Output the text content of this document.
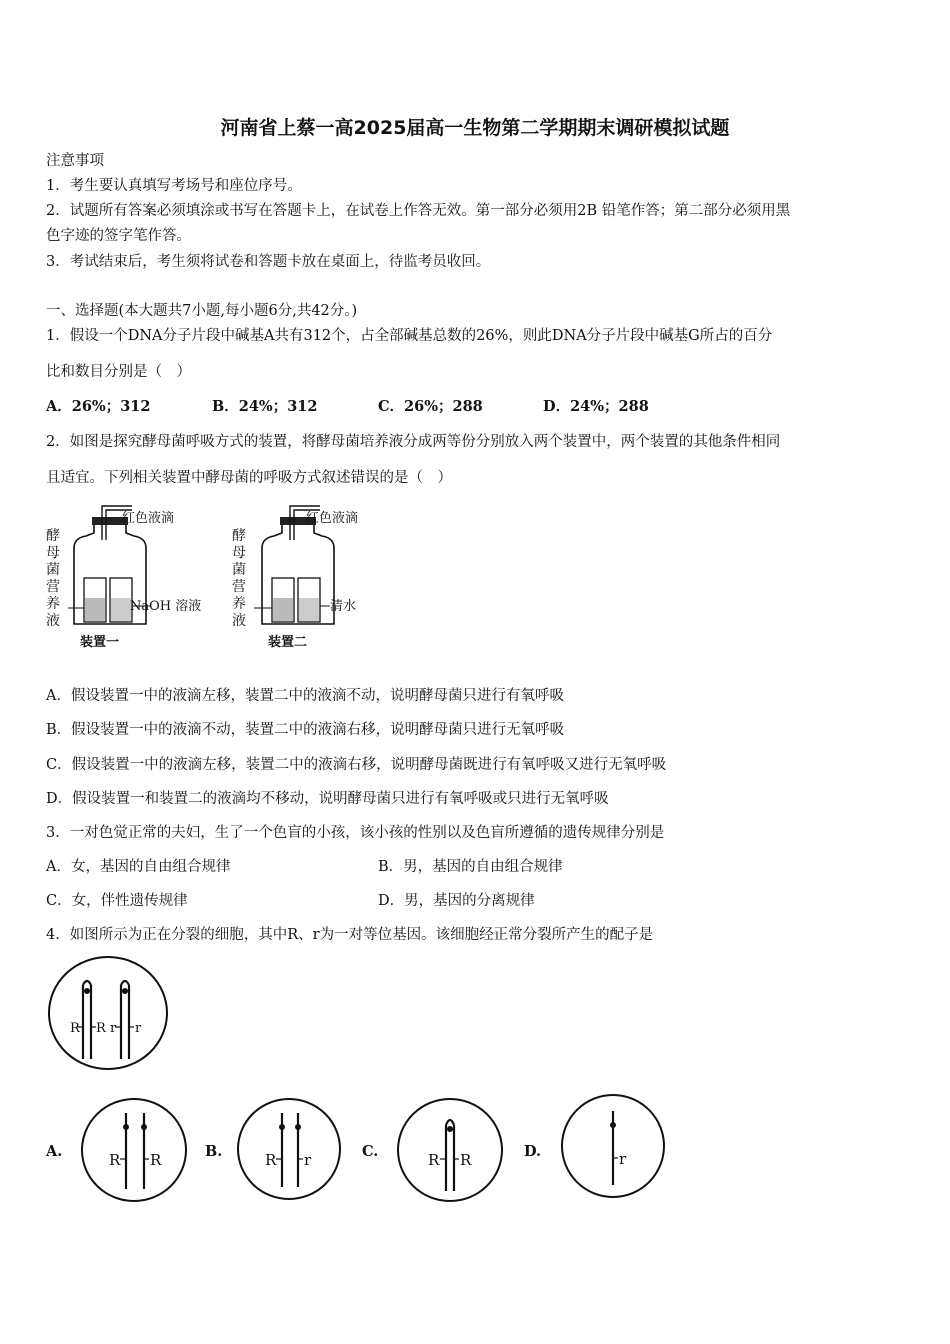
河南省上蔡一高2025届高一生物第二学期期末调研模拟试题
注意事项
1．考生要认真填写考场号和座位序号。
2．试题所有答案必须填涂或书写在答题卡上，在试卷上作答无效。第一部分必须用2B 铅笔作答；第二部分必须用黑
色字迹的签字笔作答。
3．考试结束后，考生须将试卷和答题卡放在桌面上，待监考员收回。
一、选择题(本大题共7小题,每小题6分,共42分。)
1．假设一个DNA分子片段中碱基A共有312个，占全部碱基总数的26%，则此DNA分子片段中碱基G所占的百分
比和数目分别是（　）
A．26%；312	B．24%；312	C．26%；288	D．24%；288
2．如图是探究酵母菌呼吸方式的装置，将酵母菌培养液分成两等份分别放入两个装置中，两个装置的其他条件相同
且适宜。下列相关装置中酵母菌的呼吸方式叙述错误的是（　）
酵
母
菌
营
养
液
红色液滴
NaOH 溶液
装置一
酵
母
菌
营
养
液
红色液滴
清水
装置二
A．假设装置一中的液滴左移，装置二中的液滴不动，说明酵母菌只进行有氧呼吸
B．假设装置一中的液滴不动，装置二中的液滴右移，说明酵母菌只进行无氧呼吸
C．假设装置一中的液滴左移，装置二中的液滴右移，说明酵母菌既进行有氧呼吸又进行无氧呼吸
D．假设装置一和装置二的液滴均不移动，说明酵母菌只进行有氧呼吸或只进行无氧呼吸
3．一对色觉正常的夫妇，生了一个色盲的小孩，该小孩的性别以及色盲所遵循的遗传规律分别是
A．女，基因的自由组合规律	B．男，基因的自由组合规律
C．女，伴性遗传规律	D．男，基因的分离规律
4．如图所示为正在分裂的细胞，其中R、r为一对等位基因。该细胞经正常分裂所产生的配子是
R R r r
A.	R R	B.	R r	C.	R R	D.	r
